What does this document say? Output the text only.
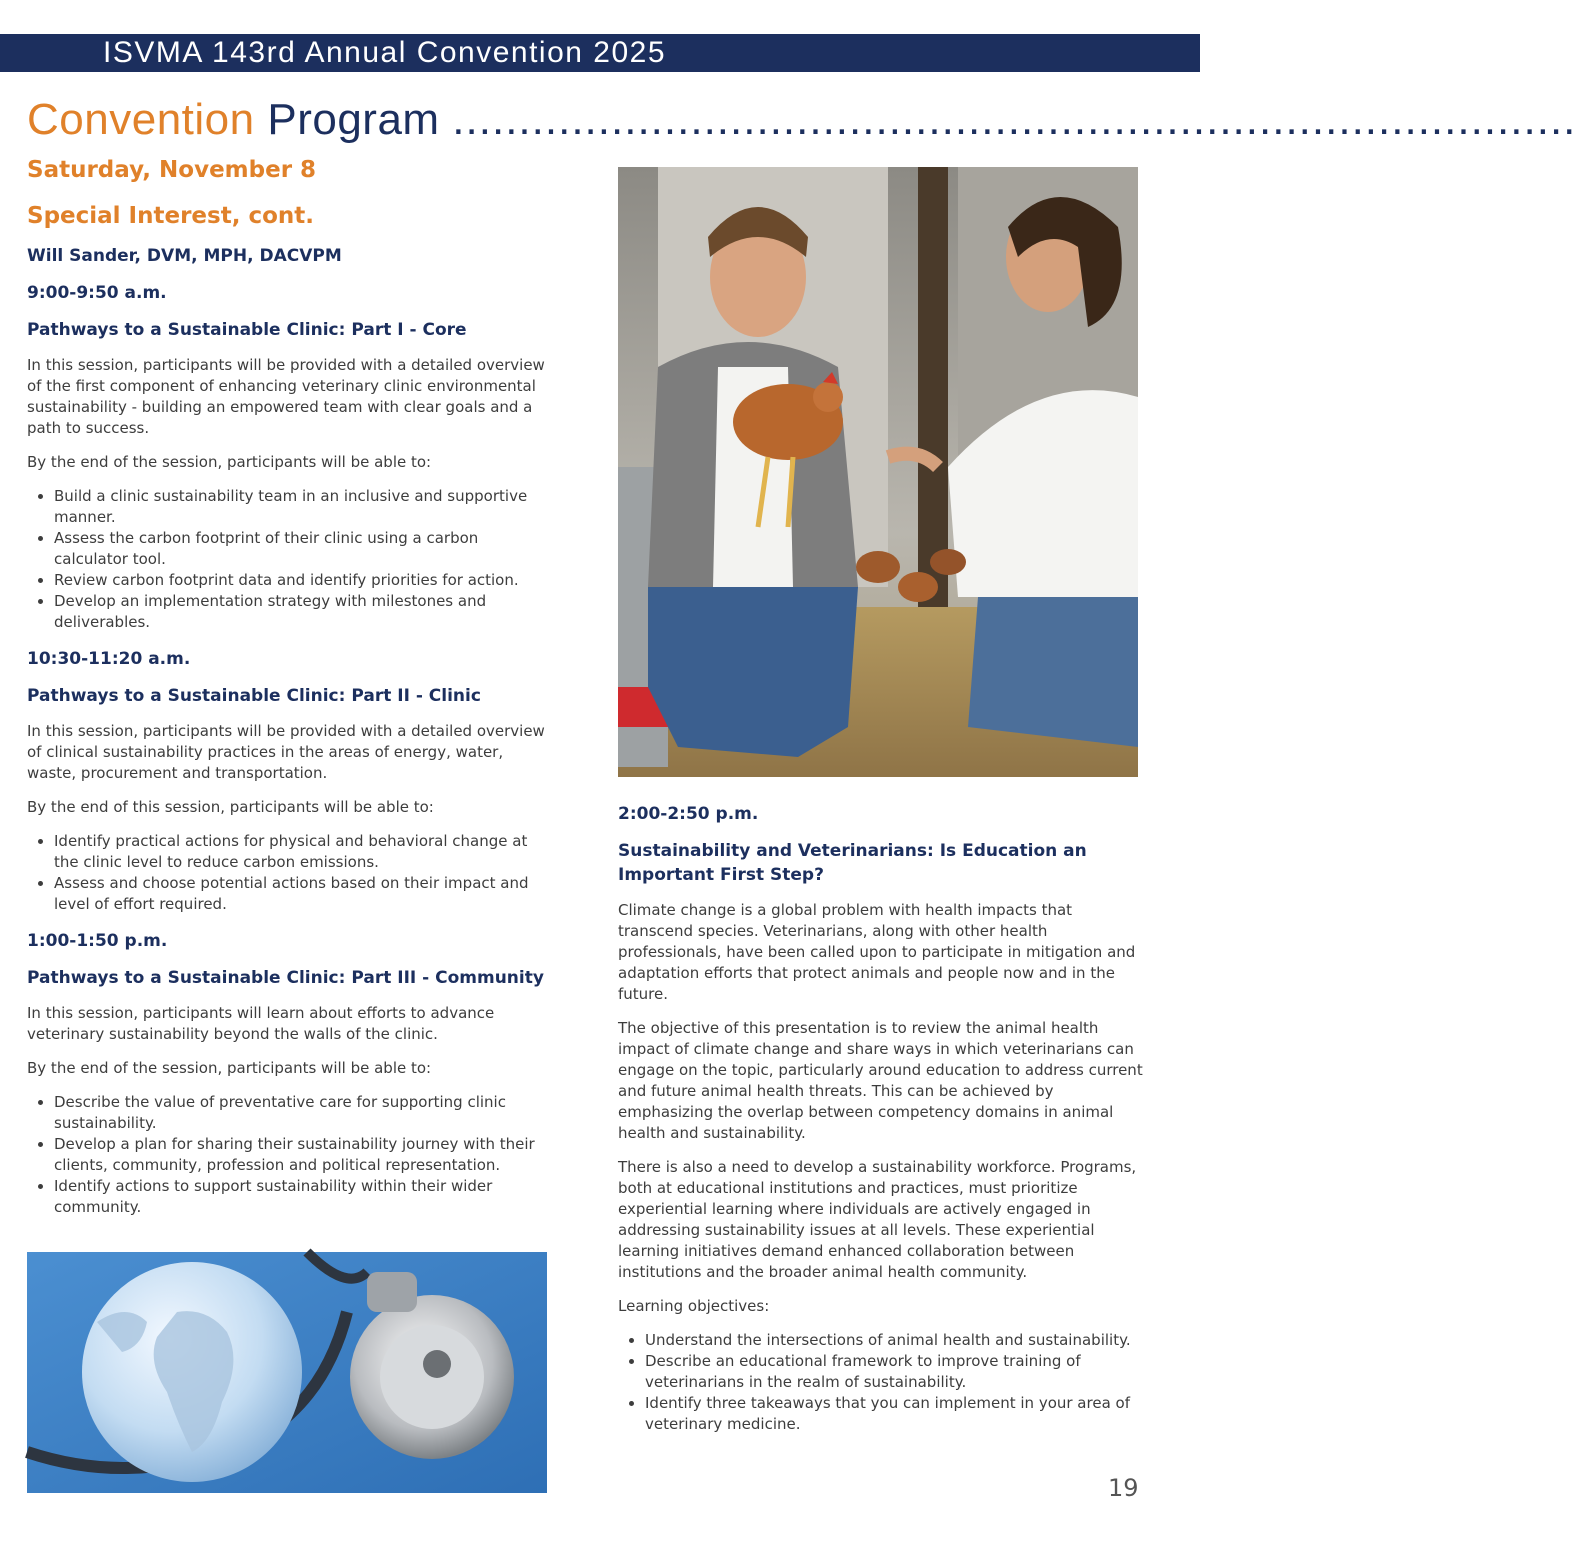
ISVMA 143rd Annual Convention 2025
Convention Program .....................................................................................
Saturday, November 8
Special Interest, cont.

Will Sander, DVM, MPH, DACVPM

9:00-9:50 a.m.

Pathways to a Sustainable Clinic: Part I - Core

In this session, participants will be provided with a detailed overview of the first component of enhancing veterinary clinic environmental sustainability - building an empowered team with clear goals and a path to success.

By the end of the session, participants will be able to:

• Build a clinic sustainability team in an inclusive and supportive manner.
• Assess the carbon footprint of their clinic using a carbon calculator tool.
• Review carbon footprint data and identify priorities for action.
• Develop an implementation strategy with milestones and deliverables.

10:30-11:20 a.m.

Pathways to a Sustainable Clinic: Part II - Clinic

In this session, participants will be provided with a detailed overview of clinical sustainability practices in the areas of energy, water, waste, procurement and transportation.

By the end of this session, participants will be able to:

• Identify practical actions for physical and behavioral change at the clinic level to reduce carbon emissions.
• Assess and choose potential actions based on their impact and level of effort required.

1:00-1:50 p.m.

Pathways to a Sustainable Clinic: Part III - Community

In this session, participants will learn about efforts to advance veterinary sustainability beyond the walls of the clinic.

By the end of the session, participants will be able to:

• Describe the value of preventative care for supporting clinic sustainability.
• Develop a plan for sharing their sustainability journey with their clients, community, profession and political representation.
• Identify actions to support sustainability within their wider community.

2:00-2:50 p.m.

Sustainability and Veterinarians: Is Education an Important First Step?

Climate change is a global problem with health impacts that transcend species. Veterinarians, along with other health professionals, have been called upon to participate in mitigation and adaptation efforts that protect animals and people now and in the future.

The objective of this presentation is to review the animal health impact of climate change and share ways in which veterinarians can engage on the topic, particularly around education to address current and future animal health threats. This can be achieved by emphasizing the overlap between competency domains in animal health and sustainability.

There is also a need to develop a sustainability workforce. Programs, both at educational institutions and practices, must prioritize experiential learning where individuals are actively engaged in addressing sustainability issues at all levels. These experiential learning initiatives demand enhanced collaboration between institutions and the broader animal health community.

Learning objectives:

• Understand the intersections of animal health and sustainability.
• Describe an educational framework to improve training of veterinarians in the realm of sustainability.
• Identify three takeaways that you can implement in your area of veterinary medicine.
19
